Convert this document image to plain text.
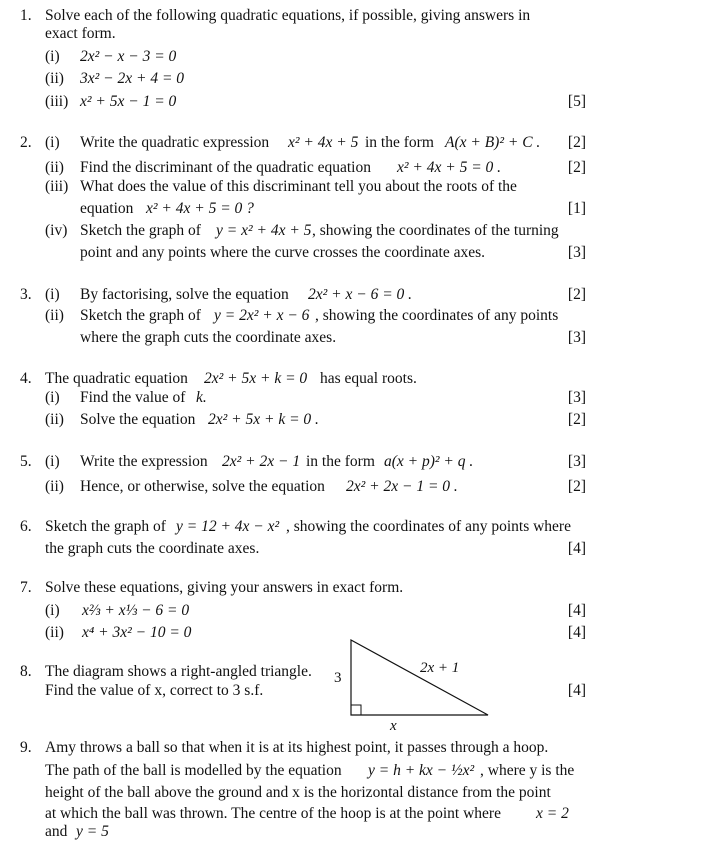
1. Solve each of the following quadratic equations, if possible, giving answers in
exact form.
(i) 2x² − x − 3 = 0
(ii) 3x² − 2x + 4 = 0
(iii) x² + 5x − 1 = 0	[5]
2. (i) Write the quadratic expression x² + 4x + 5 in the form A(x + B)² + C .	[2]
(ii) Find the discriminant of the quadratic equation x² + 4x + 5 = 0 .	[2]
(iii) What does the value of this discriminant tell you about the roots of the
equation x² + 4x + 5 = 0 ?	[1]
(iv) Sketch the graph of y = x² + 4x + 5 , showing the coordinates of the turning
point and any points where the curve crosses the coordinate axes.	[3]
3. (i) By factorising, solve the equation 2x² + x − 6 = 0 .	[2]
(ii) Sketch the graph of y = 2x² + x − 6 , showing the coordinates of any points
where the graph cuts the coordinate axes.	[3]
4. The quadratic equation 2x² + 5x + k = 0 has equal roots.
(i) Find the value of k.	[3]
(ii) Solve the equation 2x² + 5x + k = 0 .	[2]
5. (i) Write the expression 2x² + 2x − 1 in the form a(x + p)² + q .	[3]
(ii) Hence, or otherwise, solve the equation 2x² + 2x − 1 = 0 .	[2]
6. Sketch the graph of y = 12 + 4x − x² , showing the coordinates of any points where
the graph cuts the coordinate axes.	[4]
7. Solve these equations, giving your answers in exact form.
(i) x⅔ + x⅓ − 6 = 0	[4]
(ii) x⁴ + 3x² − 10 = 0	[4]
8. The diagram shows a right-angled triangle.
Find the value of x, correct to 3 s.f.	[4]
3
2x + 1
x
9. Amy throws a ball so that when it is at its highest point, it passes through a hoop.
The path of the ball is modelled by the equation y = h + kx − ½x² , where y is the
height of the ball above the ground and x is the horizontal distance from the point
at which the ball was thrown. The centre of the hoop is at the point where x = 2
and y = 5
